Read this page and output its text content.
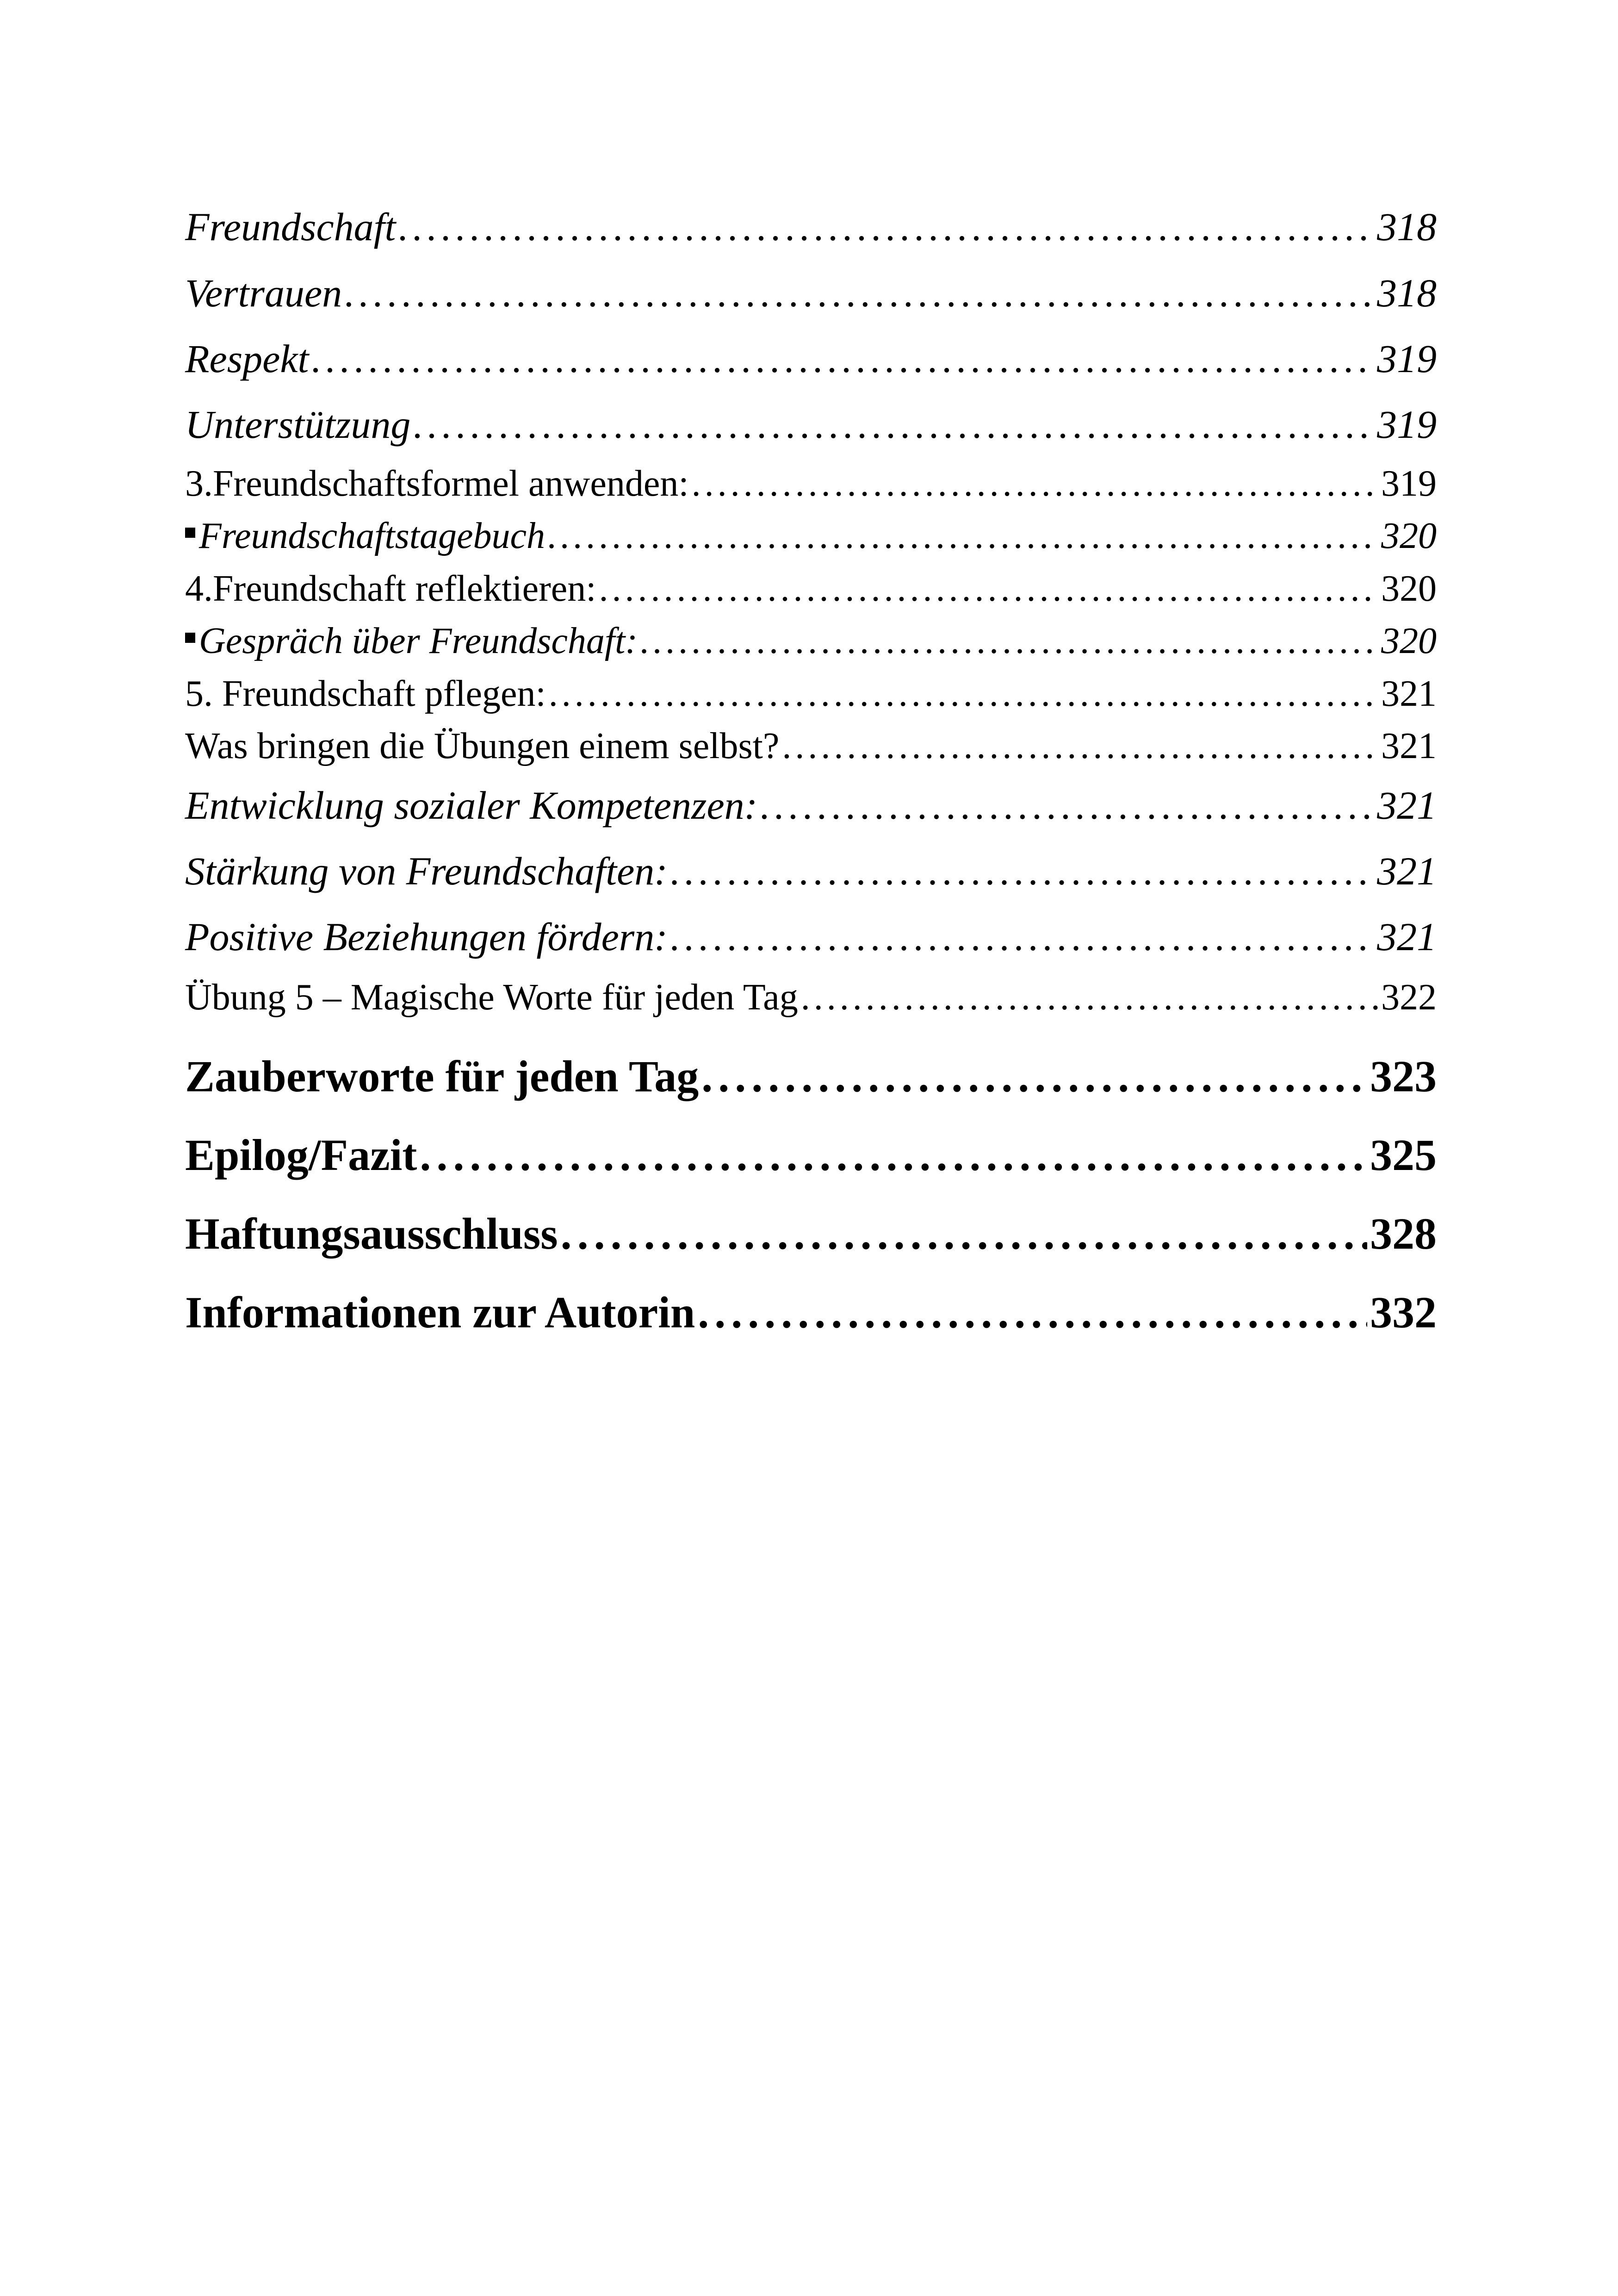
Freundschaft . . .	318
Vertrauen . . .	318
Respekt . . .	319
Unterstützung . . .	319
3.Freundschaftsformel anwenden: . . .	319
Freundschaftstagebuch . . .	320
4.Freundschaft reflektieren: . . .	320
Gespräch über Freundschaft: . . .	320
5. Freundschaft pflegen: . . .	321
Was bringen die Übungen einem selbst? . . .	321
Entwicklung sozialer Kompetenzen: . . .	321
Stärkung von Freundschaften: . . .	321
Positive Beziehungen fördern: . . .	321
Übung 5 – Magische Worte für jeden Tag . . .	322
Zauberworte für jeden Tag . . .	323
Epilog/Fazit . . .	325
Haftungsausschluss . . .	328
Informationen zur Autorin . . .	332
